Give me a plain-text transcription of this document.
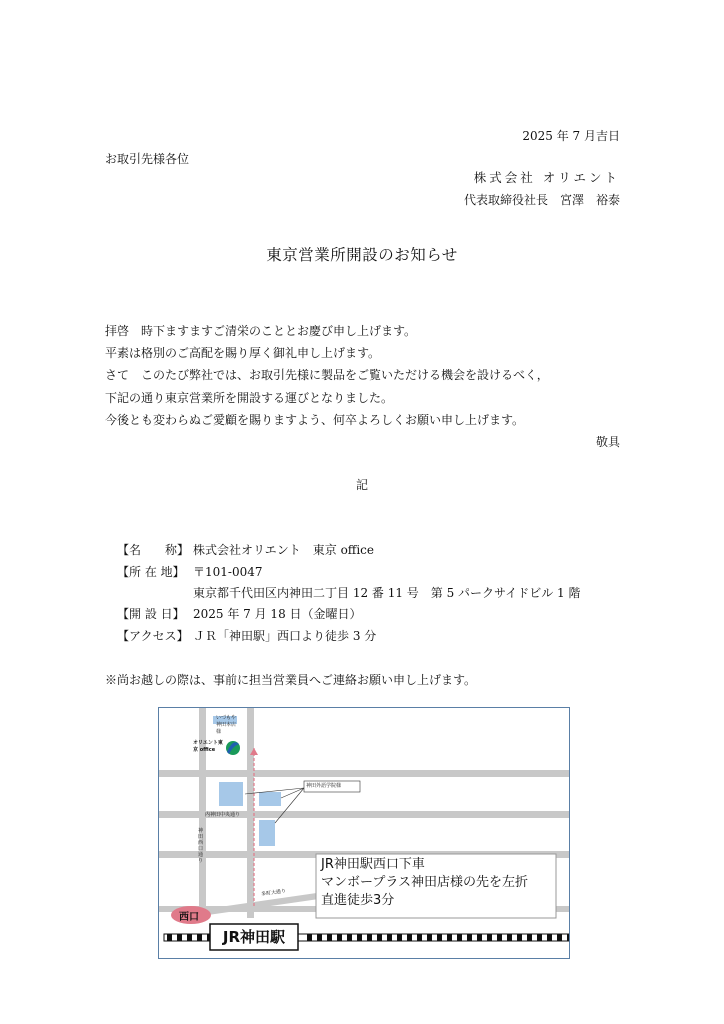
2025 年 7 月吉日
お取引先様各位
株式会社 オリエント
代表取締役社長　宮澤　裕泰
東京営業所開設のお知らせ
拝啓　時下ますますご清栄のこととお慶び申し上げます。
平素は格別のご高配を賜り厚く御礼申し上げます。
さて　このたび弊社では、お取引先様に製品をご覧いただける機会を設けるべく，
下記の通り東京営業所を開設する運びとなりました。
今後とも変わらぬご愛顧を賜りますよう、何卒よろしくお願い申し上げます。
敬具
記
【名　　称】 株式会社オリエント　東京 office
【所 在 地】 〒101-0047
東京都千代田区内神田二丁目 12 番 11 号　第 5 パークサイドビル 1 階
【開 設 日】 2025 年 7 月 18 日（金曜日）
【アクセス】 ＪＲ「神田駅」西口より徒歩 3 分
※尚お越しの際は、事前に担当営業員へご連絡お願い申し上げます。
いづもや神田本店様
オリエント東京 office
神田外語学院様
内神田中央通り
神田西口通り
多町大通り
JR神田駅西口下車
マンボープラス神田店様の先を左折
直進徒歩3分
西口
JR神田駅
